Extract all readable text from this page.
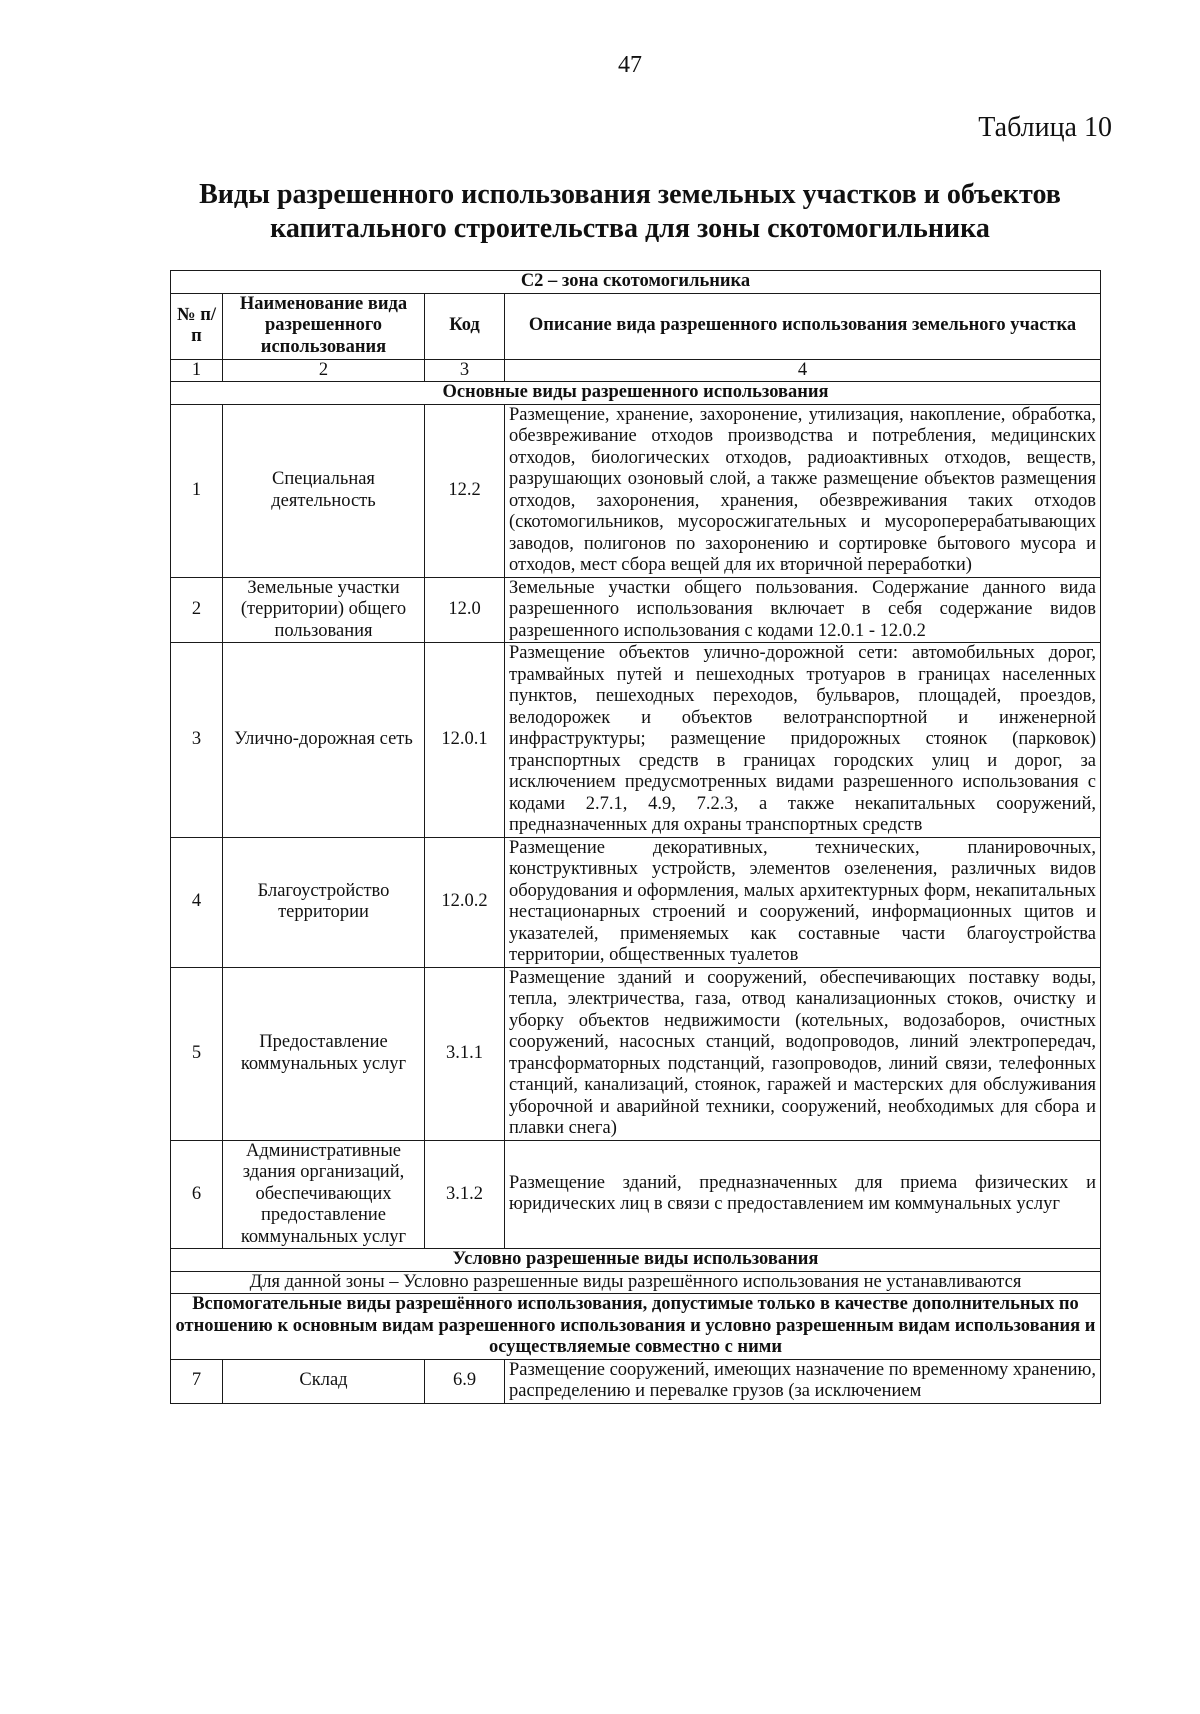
47
Таблица 10
Виды разрешенного использования земельных участков и объектов
капитального строительства для зоны скотомогильника
С2 – зона скотомогильника			
№ п/п	Наименование вида разрешенного использования	Код	Описание вида разрешенного использования земельного участка
1	2	3	4
Основные виды разрешенного использования			
1	Специальная деятельность	12.2	Размещение, хранение, захоронение, утилизация, накопление, обработка, обезвреживание отходов производства и потребления, медицинских отходов, биологических отходов, радиоактивных отходов, веществ, разрушающих озоновый слой, а также размещение объектов размещения отходов, захоронения, хранения, обезвреживания таких отходов (скотомогильников, мусоросжигательных и мусороперерабатывающих заводов, полигонов по захоронению и сортировке бытового мусора и отходов, мест сбора вещей для их вторичной переработки)
2	Земельные участки (территории) общего пользования	12.0	Земельные участки общего пользования. Содержание данного вида разрешенного использования включает в себя содержание видов разрешенного использования с кодами 12.0.1 - 12.0.2
3	Улично-дорожная сеть	12.0.1	Размещение объектов улично-дорожной сети: автомобильных дорог, трамвайных путей и пешеходных тротуаров в границах населенных пунктов, пешеходных переходов, бульваров, площадей, проездов, велодорожек и объектов велотранспортной и инженерной инфраструктуры; размещение придорожных стоянок (парковок) транспортных средств в границах городских улиц и дорог, за исключением предусмотренных видами разрешенного использования с кодами 2.7.1, 4.9, 7.2.3, а также некапитальных сооружений, предназначенных для охраны транспортных средств
4	Благоустройство территории	12.0.2	Размещение декоративных, технических, планировочных, конструктивных устройств, элементов озеленения, различных видов оборудования и оформления, малых архитектурных форм, некапитальных нестационарных строений и сооружений, информационных щитов и указателей, применяемых как составные части благоустройства территории, общественных туалетов
5	Предоставление коммунальных услуг	3.1.1	Размещение зданий и сооружений, обеспечивающих поставку воды, тепла, электричества, газа, отвод канализационных стоков, очистку и уборку объектов недвижимости (котельных, водозаборов, очистных сооружений, насосных станций, водопроводов, линий электропередач, трансформаторных подстанций, газопроводов, линий связи, телефонных станций, канализаций, стоянок, гаражей и мастерских для обслуживания уборочной и аварийной техники, сооружений, необходимых для сбора и плавки снега)
6	Административные здания организаций, обеспечивающих предоставление коммунальных услуг	3.1.2	Размещение зданий, предназначенных для приема физических и юридических лиц в связи с предоставлением им коммунальных услуг
Условно разрешенные виды использования			
Для данной зоны – Условно разрешенные виды разрешённого использования не устанавливаются			
Вспомогательные виды разрешённого использования, допустимые только в качестве дополнительных по отношению к основным видам разрешенного использования и условно разрешенным видам использования и осуществляемые совместно с ними			
7	Склад	6.9	Размещение сооружений, имеющих назначение по временному хранению, распределению и перевалке грузов (за исключением
